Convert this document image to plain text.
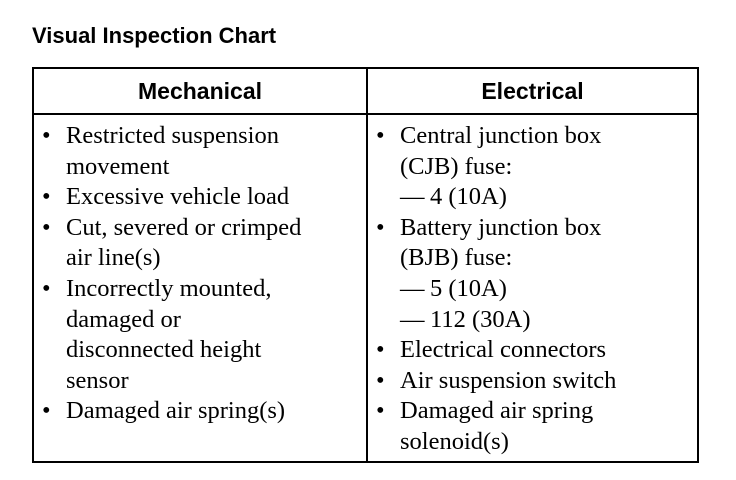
Visual Inspection Chart
Mechanical
• Restricted suspension
movement
• Excessive vehicle load
• Cut, severed or crimped
air line(s)
• Incorrectly mounted,
damaged or
disconnected height
sensor
• Damaged air spring(s)
Electrical
• Central junction box
(CJB) fuse:
— 4 (10A)
• Battery junction box
(BJB) fuse:
— 5 (10A)
— 112 (30A)
• Electrical connectors
• Air suspension switch
• Damaged air spring
solenoid(s)
